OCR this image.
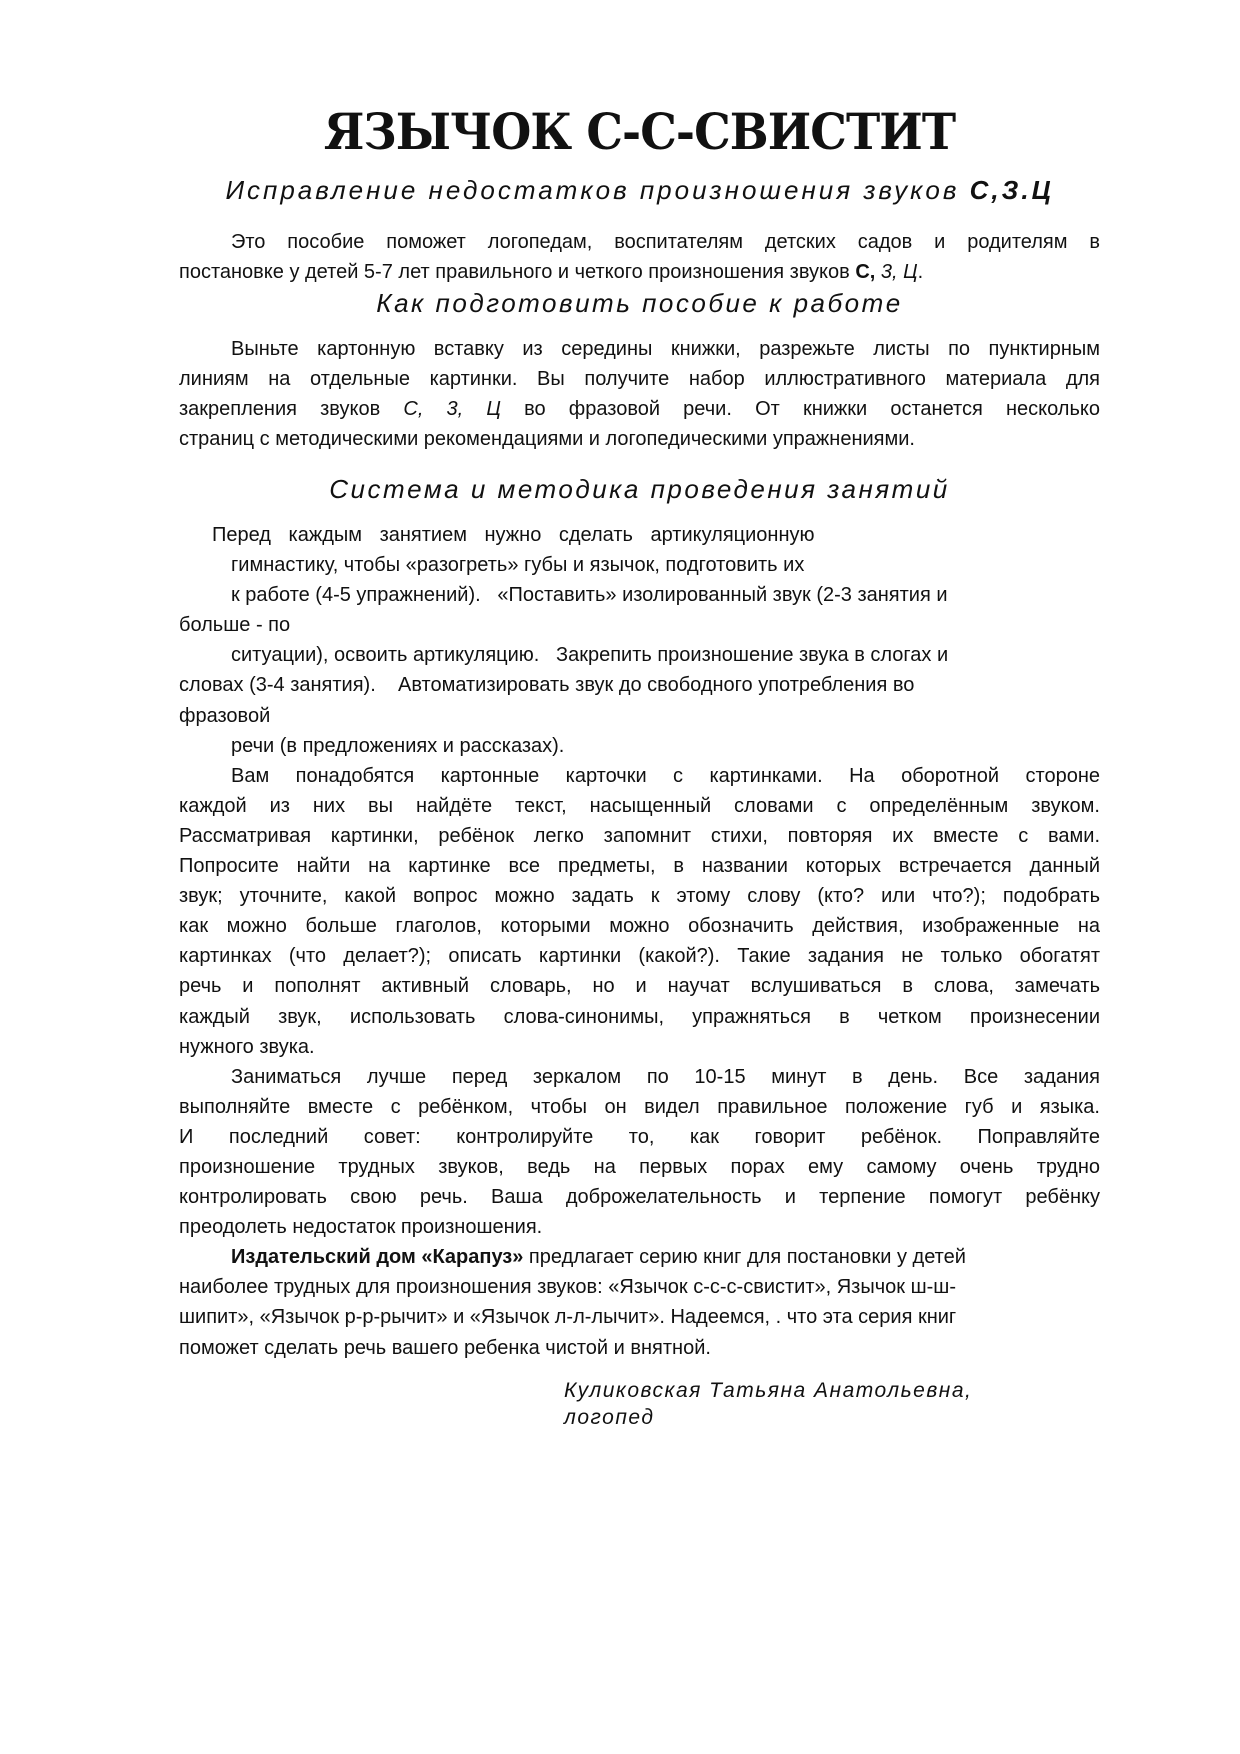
ЯЗЫЧОК С-С-СВИСТИТ
Исправление недостатков произношения звуков С,З.Ц
Это пособие поможет логопедам, воспитателям детских садов и родителям в
постановке у детей 5-7 лет правильного и четкого произношения звуков С, 3, Ц.
Как подготовить пособие к работе
Выньте картонную вставку из середины книжки, разрежьте листы по пунктирным
линиям на отдельные картинки. Вы получите набор иллюстративного материала для
закрепления звуков С, 3, Ц во фразовой речи. От книжки останется несколько
страниц с методическими рекомендациями и логопедическими упражнениями.
Система и методика проведения занятий
Перед каждым занятием нужно сделать артикуляционную
гимнастику, чтобы «разогреть» губы и язычок, подготовить их
к работе (4-5 упражнений).   «Поставить» изолированный звук (2-3 занятия и
больше - по
ситуации), освоить артикуляцию.   Закрепить произношение звука в слогах и
словах (3-4 занятия).    Автоматизировать звук до свободного употребления во
фразовой
речи (в предложениях и рассказах).
Вам понадобятся картонные карточки с картинками. На оборотной стороне
каждой из них вы найдёте текст, насыщенный словами с определённым звуком.
Рассматривая картинки, ребёнок легко запомнит стихи, повторяя их вместе с вами.
Попросите найти на картинке все предметы, в названии которых встречается данный
звук; уточните, какой вопрос можно задать к этому слову (кто? или что?); подобрать
как можно больше глаголов, которыми можно обозначить действия, изображенные на
картинках (что делает?); описать картинки (какой?). Такие задания не только обогатят
речь и пополнят активный словарь, но и научат вслушиваться в слова, замечать
каждый звук, использовать слова-синонимы, упражняться в четком произнесении
нужного звука.
Заниматься лучше перед зеркалом по 10-15 минут в день. Все задания
выполняйте вместе с ребёнком, чтобы он видел правильное положение губ и языка.
И последний совет: контролируйте то, как говорит ребёнок. Поправляйте
произношение трудных звуков, ведь на первых порах ему самому очень трудно
контролировать свою речь. Ваша доброжелательность и терпение помогут ребёнку
преодолеть недостаток произношения.
Издательский дом «Карапуз» предлагает серию книг для постановки у детей
наиболее трудных для произношения звуков: «Язычок с-с-с-свистит», Язычок ш-ш-
шипит», «Язычок р-р-рычит» и «Язычок л-л-лычит». Надеемся, . что эта серия книг
поможет сделать речь вашего ребенка чистой и внятной.
Куликовская Татьяна Анатольевна,
логопед
